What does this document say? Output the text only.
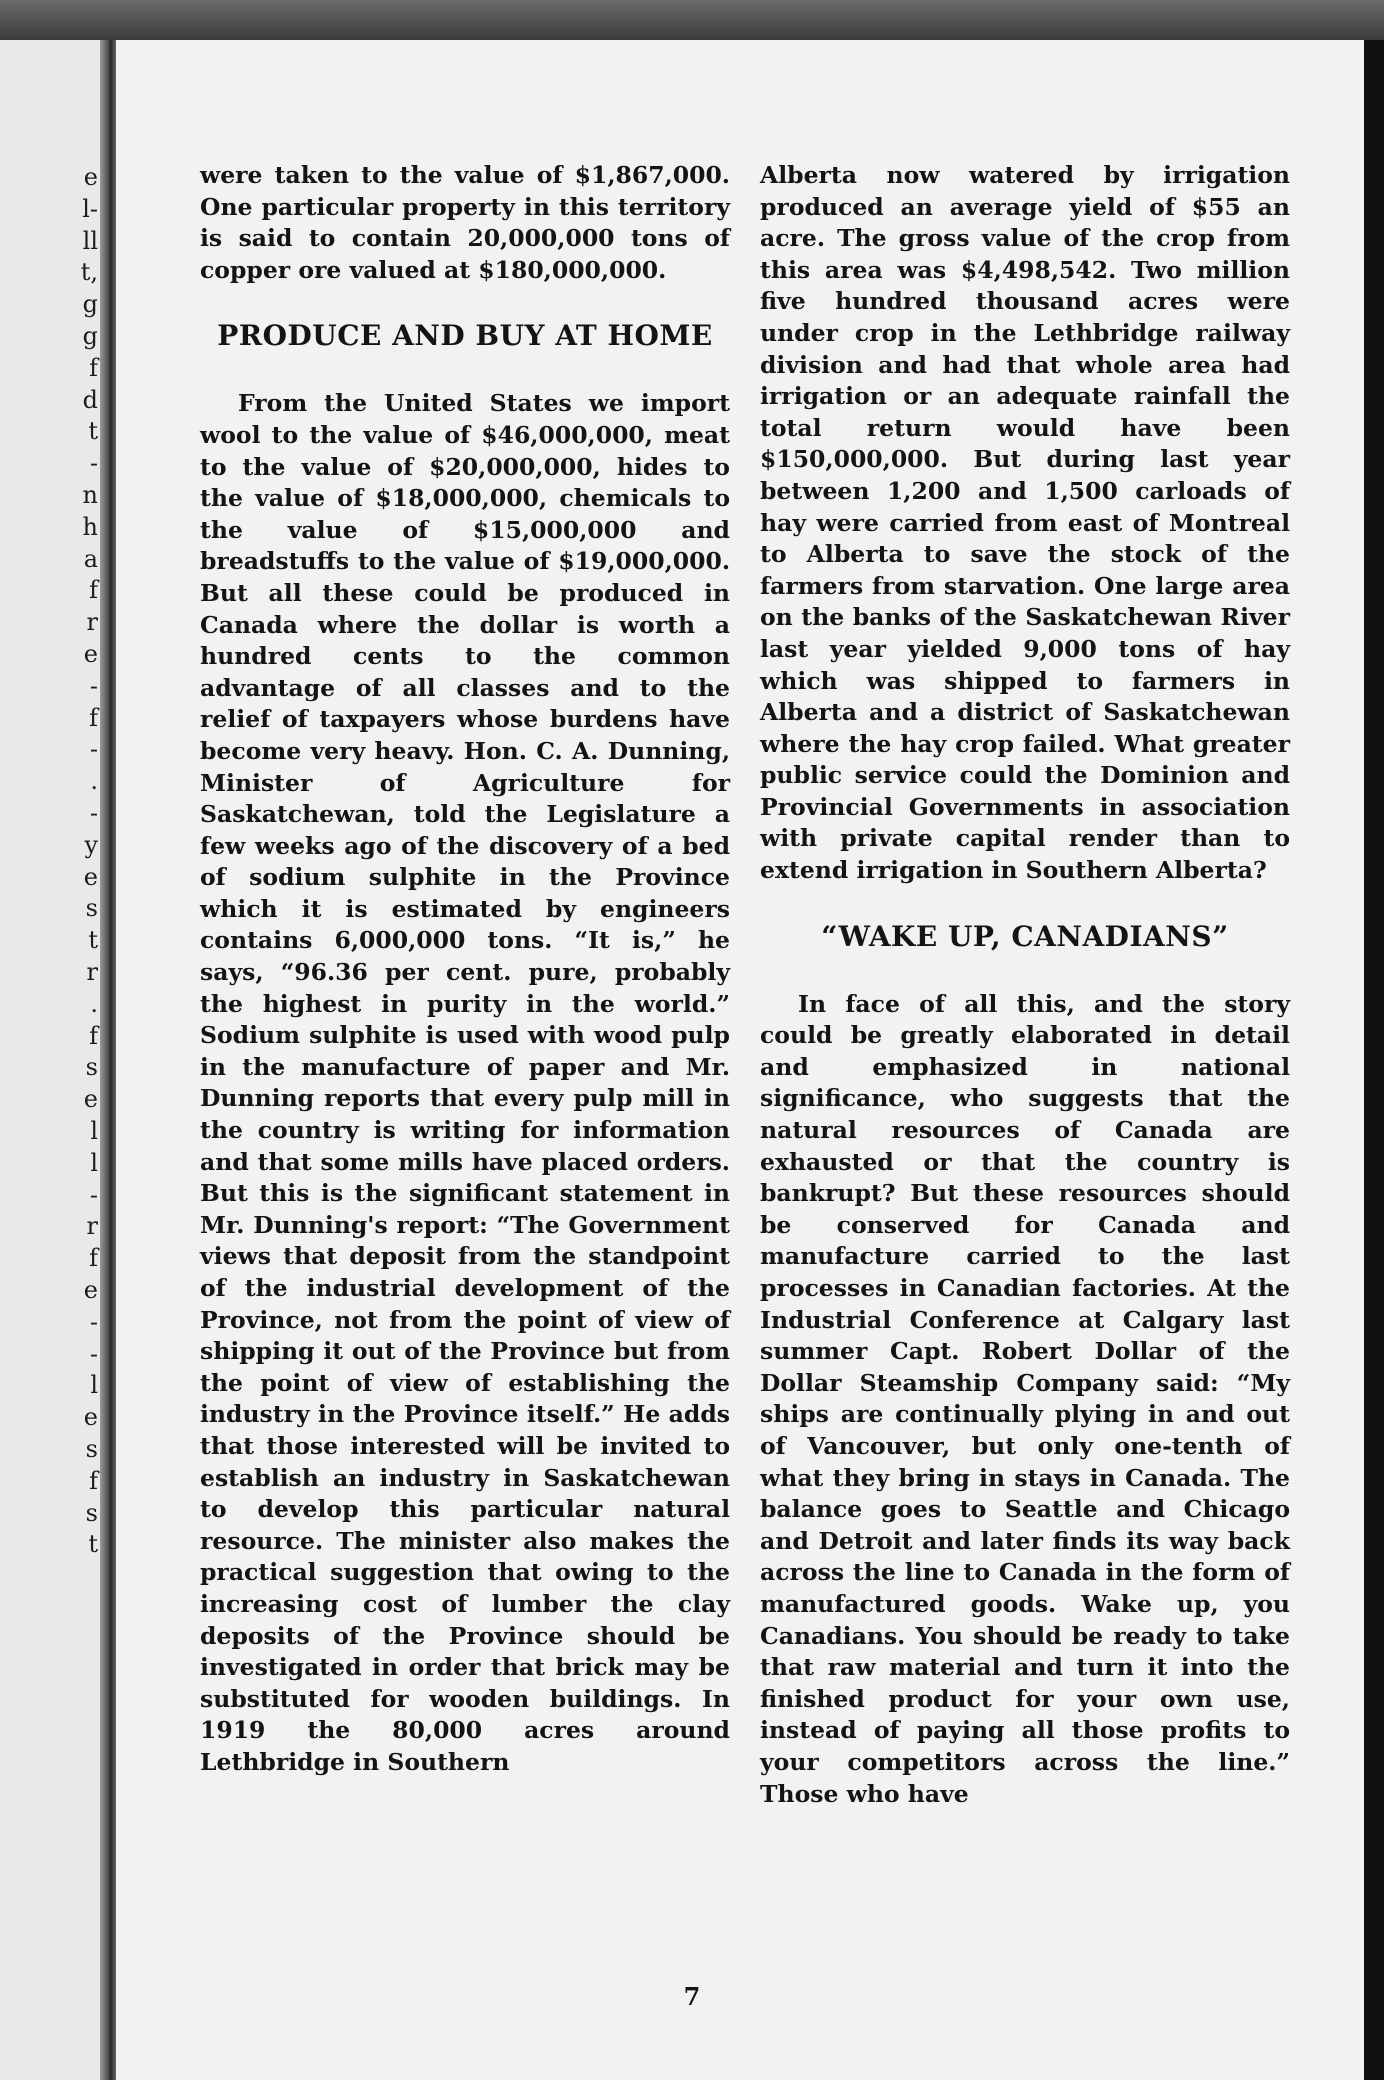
e
l-
ll
t,
g
g
f
d
t
-
n
h
a
f
r
e
-
f
-
.
-
y
e
s
t
r
.
f
s
e
l
l
-
r
f
e
-
-
l
e
s
f
s
t

were taken to the value of $1,867,000. One particular property in this territory is said to contain 20,000,000 tons of copper ore valued at $180,000,000.

PRODUCE AND BUY AT HOME

From the United States we import wool to the value of $46,000,000, meat to the value of $20,000,000, hides to the value of $18,000,000, chemicals to the value of $15,000,000 and breadstuffs to the value of $19,000,000. But all these could be produced in Canada where the dollar is worth a hundred cents to the common advantage of all classes and to the relief of taxpayers whose burdens have become very heavy. Hon. C. A. Dunning, Minister of Agriculture for Saskatchewan, told the Legislature a few weeks ago of the discovery of a bed of sodium sulphite in the Province which it is estimated by engineers contains 6,000,000 tons. “It is,” he says, “96.36 per cent. pure, probably the highest in purity in the world.” Sodium sulphite is used with wood pulp in the manufacture of paper and Mr. Dunning reports that every pulp mill in the country is writing for information and that some mills have placed orders. But this is the significant statement in Mr. Dunning's report: “The Government views that deposit from the standpoint of the industrial development of the Province, not from the point of view of shipping it out of the Province but from the point of view of establishing the industry in the Province itself.” He adds that those interested will be invited to establish an industry in Saskatchewan to develop this particular natural resource. The minister also makes the practical suggestion that owing to the increasing cost of lumber the clay deposits of the Province should be investigated in order that brick may be substituted for wooden buildings. In 1919 the 80,000 acres around Lethbridge in Southern

Alberta now watered by irrigation produced an average yield of $55 an acre. The gross value of the crop from this area was $4,498,542. Two million five hundred thousand acres were under crop in the Lethbridge railway division and had that whole area had irrigation or an adequate rainfall the total return would have been $150,000,000. But during last year between 1,200 and 1,500 carloads of hay were carried from east of Montreal to Alberta to save the stock of the farmers from starvation. One large area on the banks of the Saskatchewan River last year yielded 9,000 tons of hay which was shipped to farmers in Alberta and a district of Saskatchewan where the hay crop failed. What greater public service could the Dominion and Provincial Governments in association with private capital render than to extend irrigation in Southern Alberta?

“WAKE UP, CANADIANS”

In face of all this, and the story could be greatly elaborated in detail and emphasized in national significance, who suggests that the natural resources of Canada are exhausted or that the country is bankrupt? But these resources should be conserved for Canada and manufacture carried to the last processes in Canadian factories. At the Industrial Conference at Calgary last summer Capt. Robert Dollar of the Dollar Steamship Company said: “My ships are continually plying in and out of Vancouver, but only one-tenth of what they bring in stays in Canada. The balance goes to Seattle and Chicago and Detroit and later finds its way back across the line to Canada in the form of manufactured goods. Wake up, you Canadians. You should be ready to take that raw material and turn it into the finished product for your own use, instead of paying all those profits to your competitors across the line.” Those who have

7
